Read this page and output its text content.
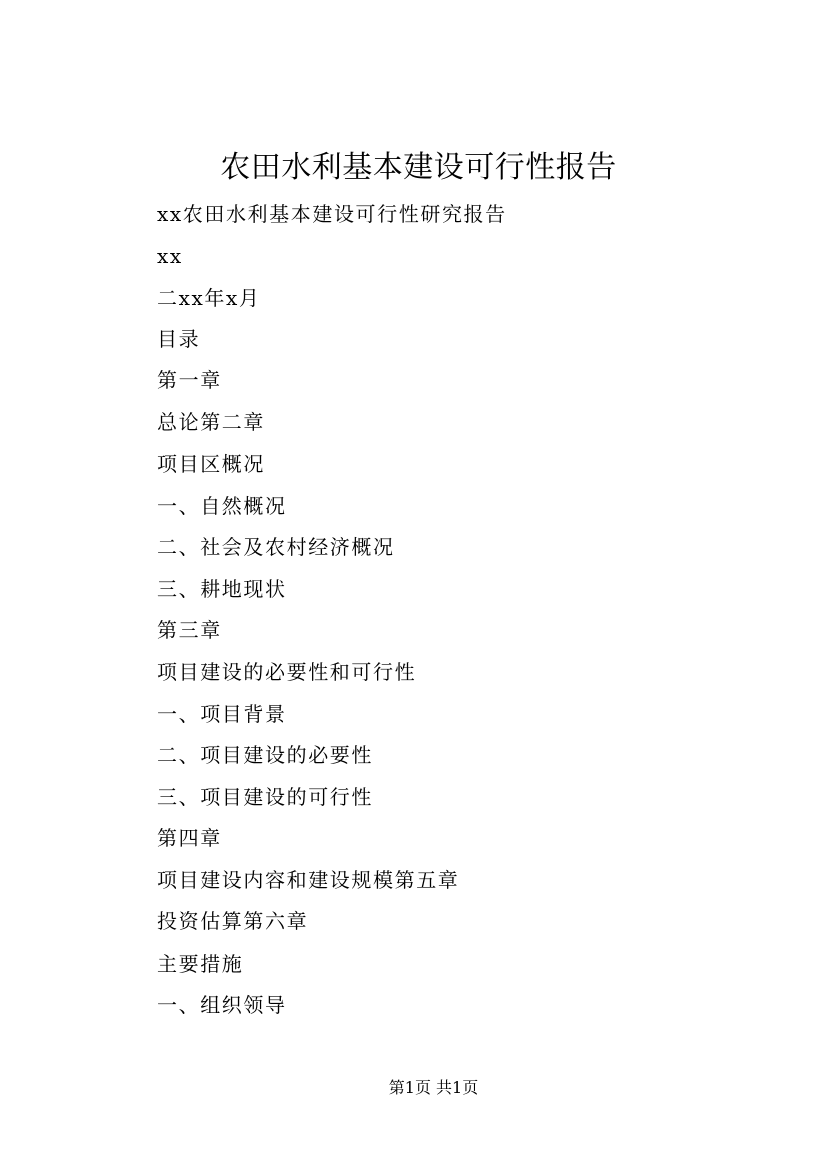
农田水利基本建设可行性报告
xx农田水利基本建设可行性研究报告
xx
二xx年x月
目录
第一章
总论第二章
项目区概况
一、自然概况
二、社会及农村经济概况
三、耕地现状
第三章
项目建设的必要性和可行性
一、项目背景
二、项目建设的必要性
三、项目建设的可行性
第四章
项目建设内容和建设规模第五章
投资估算第六章
主要措施
一、组织领导
第1页 共1页
